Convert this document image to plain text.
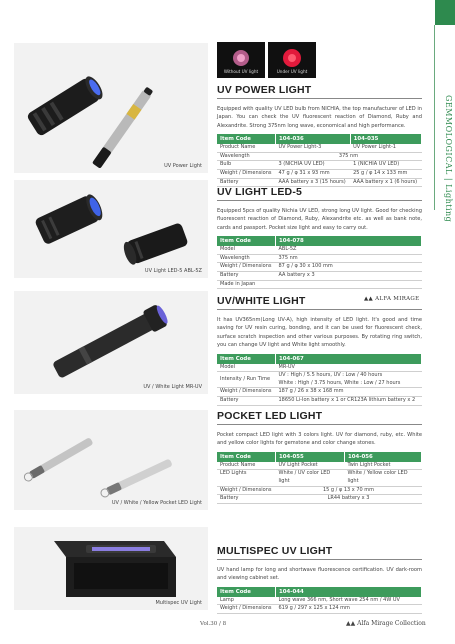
GEMMOLOGICAL | Lighting
Without UV light	Under UV light
UV Power Light
UV POWER LIGHT
Equipped with quality UV LED bulb from NICHIA, the top manufacturer of LED in Japan. You can check the UV fluorescent reaction of Diamond, Ruby and Alexandrite. Strong 375nm long wave, economical and high performance.
Item Code	104-036	104-035
Product Name	UV Power Light-3	UV Power Light-1
Wavelength	375 nm	
Bulb	3 (NICHIA UV LED)	1 (NICHIA UV LED)
Weight / Dimensions	47 g / φ 31 x 93 mm	25 g / φ 14 x 133 mm
Battery	AAA battery x 3 (15 hours)	AAA battery x 1 (6 hours)
UV Light LED-5 ABL-5Z
UV LIGHT LED-5
Equipped 5pcs of quality Nichia UV LED, strong long UV light. Good for checking fluorescent reaction of Diamond, Ruby, Alexandrite etc. as well as bank note, cards and passport. Pocket size light and easy to carry out.
Item Code	104-078
Model	ABL-5Z
Wavelength	375 nm
Weight / Dimensions	87 g / φ 30 x 100 mm
Battery	AA battery x 3
Made in Japan	
UV / White Light MR-UV
UV/WHITE LIGHT
It has UV365nm(Long UV-A), high intensity of LED light. It's good and time saving for UV resin curing, bonding, and it can be used for fluorescent check, surface scratch inspection and other various purposes. By rotating ring switch, you can change UV light and White light smoothly.
Item Code	104-067
Model	MR-UV
Intensity / Run Time	UV : High / 5.5 hours, UV : Low / 40 hours
White : High / 3.75 hours, White : Low / 27 hours
Weight / Dimensions	187 g / 26 x 38 x 168 mm
Battery	18650 Li-Ion battery x 1 or CR123A lithium battery x 2
▲▲ ALFA MIRAGE
UV / White / Yellow Pocket LED Light
POCKET LED LIGHT
Pocket compact LED light with 3 colors light. UV for diamond, ruby, etc. White and yellow color lights for gemstone and color change stones.
Item Code	104-055	104-056
Product Name	UV Light Pocket	Twin Light Pocket
LED Lights	White / UV color LED light	White / Yellow color LED light
Weight / Dimensions	15 g / φ 13 x 70 mm	
Battery	LR44 battery x 3	
Multispec UV Light
MULTISPEC UV LIGHT
UV hand lamp for long and shortwave fluorescence certification. UV dark-room and viewing cabinet set.
Item Code	104-044
Lamp	Long wave 366 nm, Short wave 254 nm / 4W UV
Weight / Dimensions	619 g / 297 x 125 x 124 mm
Vol.30 / 8	▲▲ Alfa Mirage Collection
